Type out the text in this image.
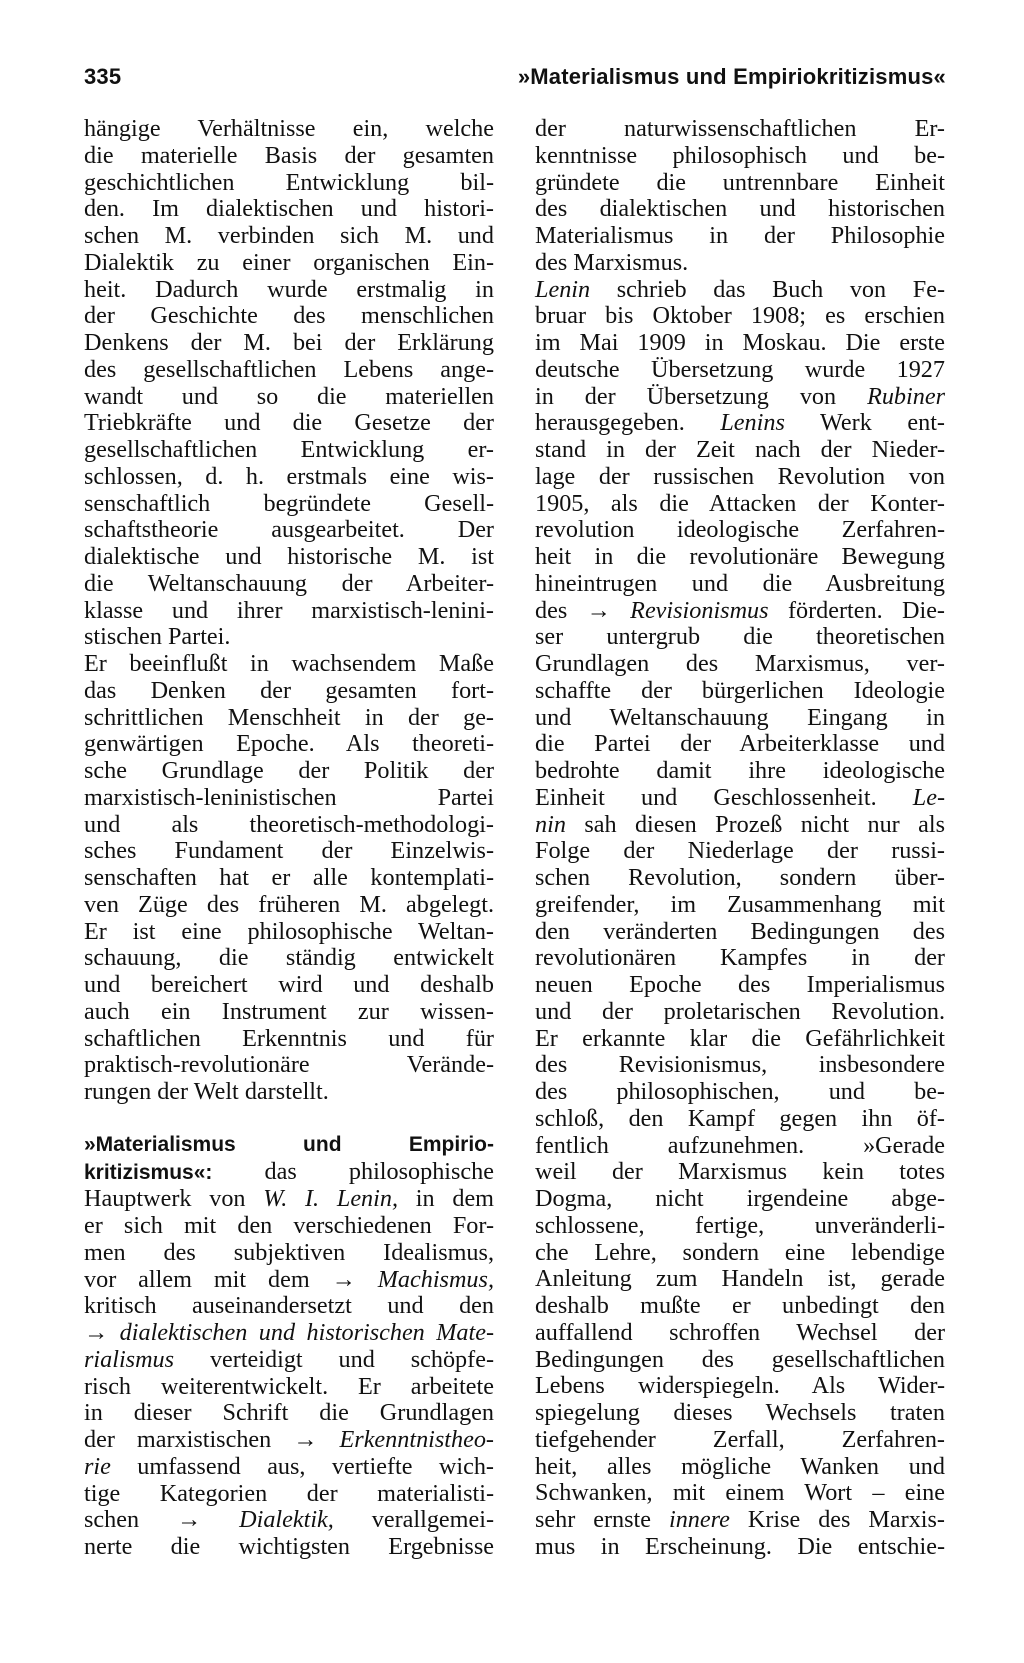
335	»Materialismus und Empiriokritizismus«

hängige Verhältnisse ein, welche
die materielle Basis der gesamten
geschichtlichen Entwicklung bil-
den. Im dialektischen und histori-
schen M. verbinden sich M. und
Dialektik zu einer organischen Ein-
heit. Dadurch wurde erstmalig in
der Geschichte des menschlichen
Denkens der M. bei der Erklärung
des gesellschaftlichen Lebens ange-
wandt und so die materiellen
Triebkräfte und die Gesetze der
gesellschaftlichen Entwicklung er-
schlossen, d. h. erstmals eine wis-
senschaftlich begründete Gesell-
schaftstheorie ausgearbeitet. Der
dialektische und historische M. ist
die Weltanschauung der Arbeiter-
klasse und ihrer marxistisch-lenini-
stischen Partei.

Er beeinflußt in wachsendem Maße
das Denken der gesamten fort-
schrittlichen Menschheit in der ge-
genwärtigen Epoche. Als theoreti-
sche Grundlage der Politik der
marxistisch-leninistischen Partei
und als theoretisch-methodologi-
sches Fundament der Einzelwis-
senschaften hat er alle kontemplati-
ven Züge des früheren M. abgelegt.
Er ist eine philosophische Weltan-
schauung, die ständig entwickelt
und bereichert wird und deshalb
auch ein Instrument zur wissen-
schaftlichen Erkenntnis und für
praktisch-revolutionäre Verände-
rungen der Welt darstellt.

»Materialismus und Empirio-
kritizismus«: das philosophische
Hauptwerk von W. I. Lenin, in dem
er sich mit den verschiedenen For-
men des subjektiven Idealismus,
vor allem mit dem → Machismus,
kritisch auseinandersetzt und den
→ dialektischen und historischen Mate-
rialismus verteidigt und schöpfe-
risch weiterentwickelt. Er arbeitete
in dieser Schrift die Grundlagen
der marxistischen → Erkenntnistheo-
rie umfassend aus, vertiefte wich-
tige Kategorien der materialisti-
schen → Dialektik, verallgemei-
nerte die wichtigsten Ergebnisse

der naturwissenschaftlichen Er-
kenntnisse philosophisch und be-
gründete die untrennbare Einheit
des dialektischen und historischen
Materialismus in der Philosophie
des Marxismus.

Lenin schrieb das Buch von Fe-
bruar bis Oktober 1908; es erschien
im Mai 1909 in Moskau. Die erste
deutsche Übersetzung wurde 1927
in der Übersetzung von Rubiner
herausgegeben. Lenins Werk ent-
stand in der Zeit nach der Nieder-
lage der russischen Revolution von
1905, als die Attacken der Konter-
revolution ideologische Zerfahren-
heit in die revolutionäre Bewegung
hineintrugen und die Ausbreitung
des → Revisionismus förderten. Die-
ser untergrub die theoretischen
Grundlagen des Marxismus, ver-
schaffte der bürgerlichen Ideologie
und Weltanschauung Eingang in
die Partei der Arbeiterklasse und
bedrohte damit ihre ideologische
Einheit und Geschlossenheit. Le-
nin sah diesen Prozeß nicht nur als
Folge der Niederlage der russi-
schen Revolution, sondern über-
greifender, im Zusammenhang mit
den veränderten Bedingungen des
revolutionären Kampfes in der
neuen Epoche des Imperialismus
und der proletarischen Revolution.
Er erkannte klar die Gefährlichkeit
des Revisionismus, insbesondere
des philosophischen, und be-
schloß, den Kampf gegen ihn öf-
fentlich aufzunehmen. »Gerade
weil der Marxismus kein totes
Dogma, nicht irgendeine abge-
schlossene, fertige, unveränderli-
che Lehre, sondern eine lebendige
Anleitung zum Handeln ist, gerade
deshalb mußte er unbedingt den
auffallend schroffen Wechsel der
Bedingungen des gesellschaftlichen
Lebens widerspiegeln. Als Wider-
spiegelung dieses Wechsels traten
tiefgehender Zerfall, Zerfahren-
heit, alles mögliche Wanken und
Schwanken, mit einem Wort – eine
sehr ernste innere Krise des Marxis-
mus in Erscheinung. Die entschie-
